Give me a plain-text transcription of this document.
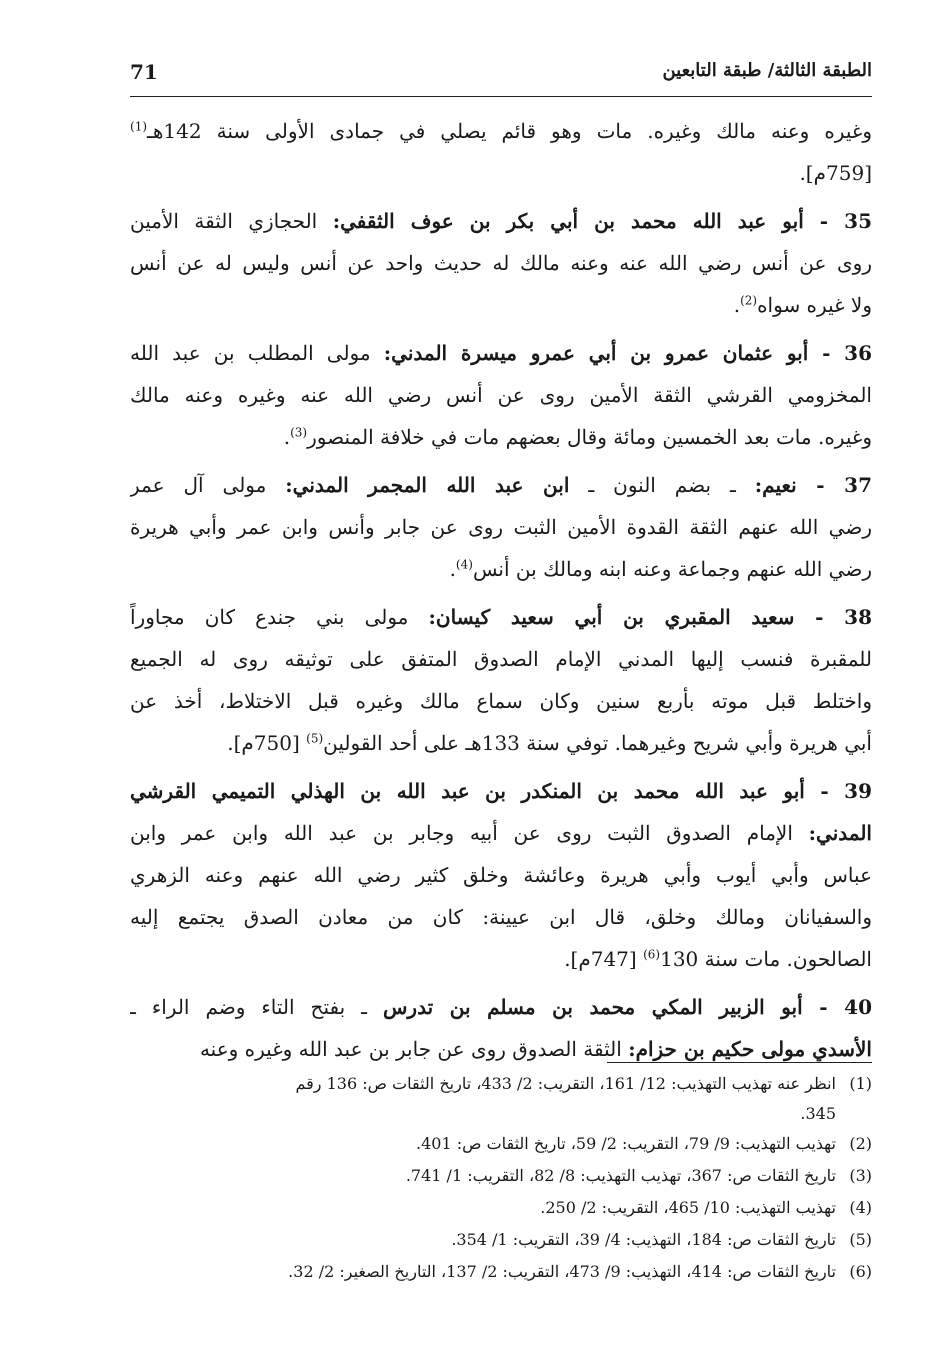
الطبقة الثالثة/ طبقة التابعين
71
وغيره وعنه مالك وغيره. مات وهو قائم يصلي في جمادى الأولى سنة 142هـ$^{(1)}$
[759م].
35 - أبو عبد الله محمد بن أبي بكر بن عوف الثقفي: الحجازي الثقة الأمين
روى عن أنس رضي الله عنه وعنه مالك له حديث واحد عن أنس وليس له عن أنس
ولا غيره سواه$^{(2)}$.
36 - أبو عثمان عمرو بن أبي عمرو ميسرة المدني: مولى المطلب بن عبد الله
المخزومي القرشي الثقة الأمين روى عن أنس رضي الله عنه وغيره وعنه مالك
وغيره. مات بعد الخمسين ومائة وقال بعضهم مات في خلافة المنصور$^{(3)}$.
37 - نعيم: ـ بضم النون ـ ابن عبد الله المجمر المدني: مولى آل عمر
رضي الله عنهم الثقة القدوة الأمين الثبت روى عن جابر وأنس وابن عمر وأبي هريرة
رضي الله عنهم وجماعة وعنه ابنه ومالك بن أنس$^{(4)}$.
38 - سعيد المقبري بن أبي سعيد كيسان: مولى بني جندع كان مجاوراً
للمقبرة فنسب إليها المدني الإمام الصدوق المتفق على توثيقه روى له الجميع
واختلط قبل موته بأربع سنين وكان سماع مالك وغيره قبل الاختلاط، أخذ عن
أبي هريرة وأبي شريح وغيرهما. توفي سنة 133هـ على أحد القولين$^{(5)}$ [750م].
39 - أبو عبد الله محمد بن المنكدر بن عبد الله بن الهذلي التميمي القرشي
المدني: الإمام الصدوق الثبت روى عن أبيه وجابر بن عبد الله وابن عمر وابن
عباس وأبي أيوب وأبي هريرة وعائشة وخلق كثير رضي الله عنهم وعنه الزهري
والسفيانان ومالك وخلق، قال ابن عيينة: كان من معادن الصدق يجتمع إليه
الصالحون. مات سنة 130$^{(6)}$ [747م].
40 - أبو الزبير المكي محمد بن مسلم بن تدرس ـ بفتح التاء وضم الراء ـ
الأسدي مولى حكيم بن حزام: الثقة الصدوق روى عن جابر بن عبد الله وغيره وعنه
(1)
انظر عنه تهذيب التهذيب: 12/ 161، التقريب: 2/ 433، تاريخ الثقات ص: 136 رقم
345.
(2)
تهذيب التهذيب: 9/ 79، التقريب: 2/ 59، تاريخ الثقات ص: 401.
(3)
تاريخ الثقات ص: 367، تهذيب التهذيب: 8/ 82، التقريب: 1/ 741.
(4)
تهذيب التهذيب: 10/ 465، التقريب: 2/ 250.
(5)
تاريخ الثقات ص: 184، التهذيب: 4/ 39، التقريب: 1/ 354.
(6)
تاريخ الثقات ص: 414، التهذيب: 9/ 473، التقريب: 2/ 137، التاريخ الصغير: 2/ 32.
